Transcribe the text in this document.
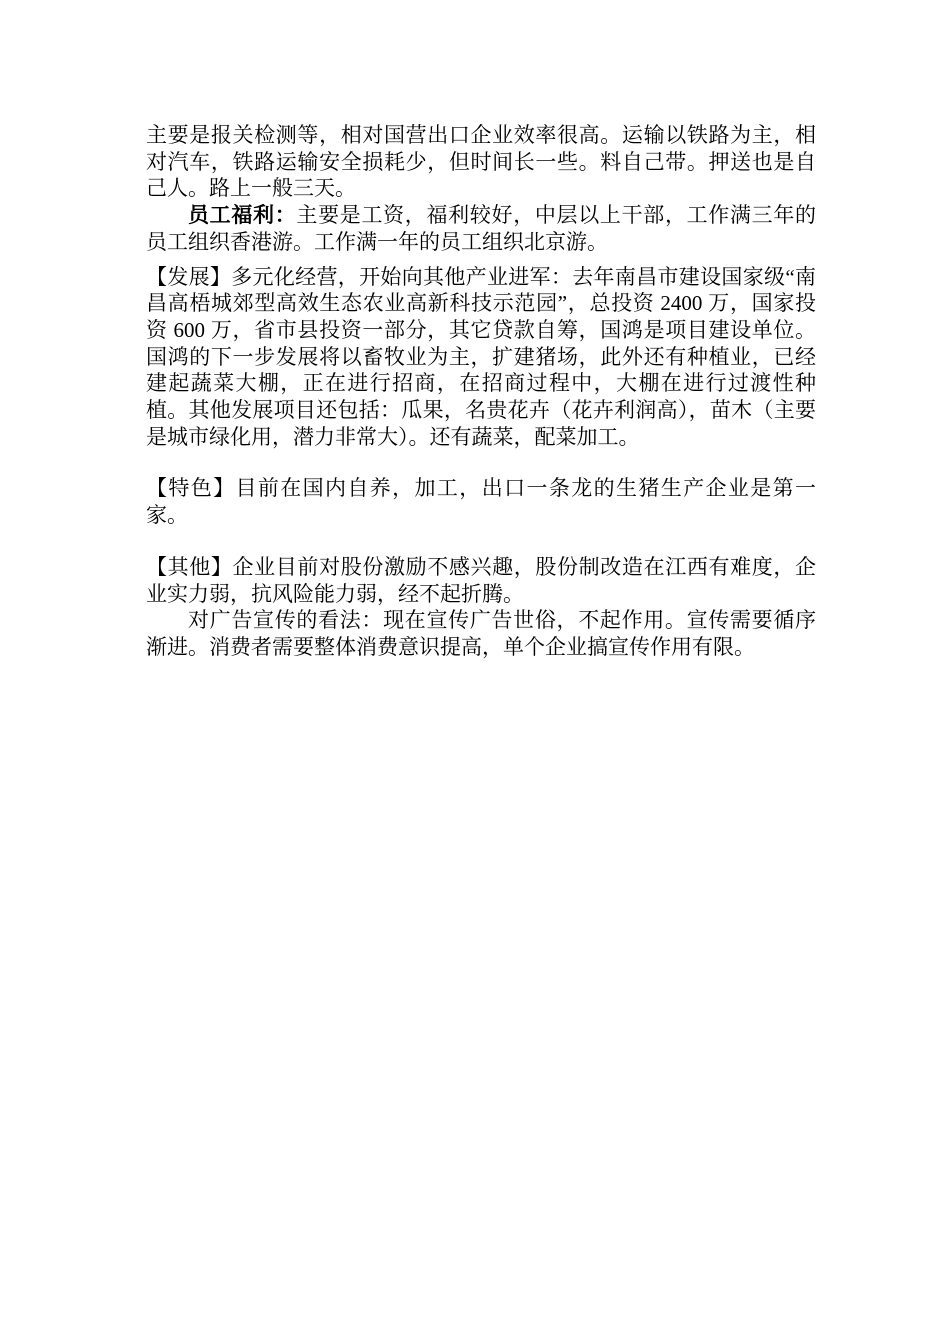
主要是报关检测等，相对国营出口企业效率很高。运输以铁路为主，相对汽车，铁路运输安全损耗少，但时间长一些。料自己带。押送也是自己人。路上一般三天。

员工福利：主要是工资，福利较好，中层以上干部，工作满三年的员工组织香港游。工作满一年的员工组织北京游。

【发展】多元化经营，开始向其他产业进军：去年南昌市建设国家级“南昌高梧城郊型高效生态农业高新科技示范园”，总投资 2400 万，国家投资 600 万，省市县投资一部分，其它贷款自筹，国鸿是项目建设单位。国鸿的下一步发展将以畜牧业为主，扩建猪场，此外还有种植业，已经建起蔬菜大棚，正在进行招商，在招商过程中，大棚在进行过渡性种植。其他发展项目还包括：瓜果，名贵花卉（花卉利润高），苗木（主要是城市绿化用，潜力非常大）。还有蔬菜，配菜加工。

【特色】目前在国内自养，加工，出口一条龙的生猪生产企业是第一家。

【其他】企业目前对股份激励不感兴趣，股份制改造在江西有难度，企业实力弱，抗风险能力弱，经不起折腾。

对广告宣传的看法：现在宣传广告世俗，不起作用。宣传需要循序渐进。消费者需要整体消费意识提高，单个企业搞宣传作用有限。
